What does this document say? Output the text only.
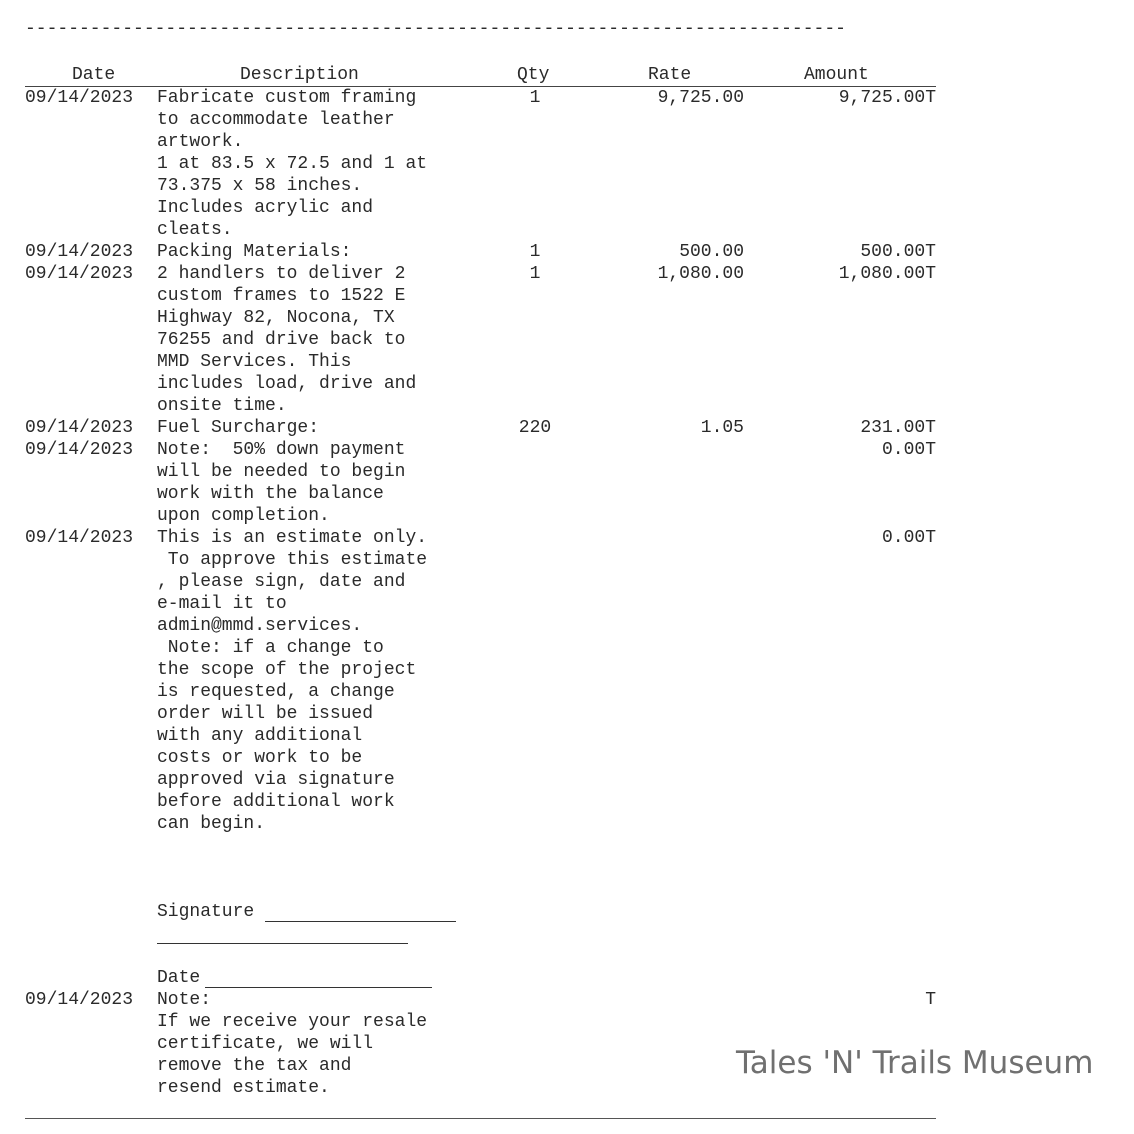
----------------------------------------------------------------------------
Date	Description	Qty	Rate	Amount
09/14/2023 Fabricate custom framing
to accommodate leather
artwork.
1 at 83.5 x 72.5 and 1 at
73.375 x 58 inches.
Includes acrylic and
cleats.
1	9,725.00	9,725.00T
09/14/2023 Packing Materials:	1	500.00	500.00T
09/14/2023 2 handlers to deliver 2
custom frames to 1522 E
Highway 82, Nocona, TX
76255 and drive back to
MMD Services. This
includes load, drive and
onsite time.
1	1,080.00	1,080.00T
09/14/2023 Fuel Surcharge:	220	1.05	231.00T
09/14/2023 Note:  50% down payment
will be needed to begin
work with the balance
upon completion.
0.00T
09/14/2023 This is an estimate only.
To approve this estimate
, please sign, date and
e-mail it to
admin@mmd.services.
Note: if a change to
the scope of the project
is requested, a change
order will be issued
with any additional
costs or work to be
approved via signature
before additional work
can begin.
0.00T
Signature
Date
09/14/2023 Note:
If we receive your resale
certificate, we will
remove the tax and
resend estimate.
T
Tales 'N' Trails Museum
